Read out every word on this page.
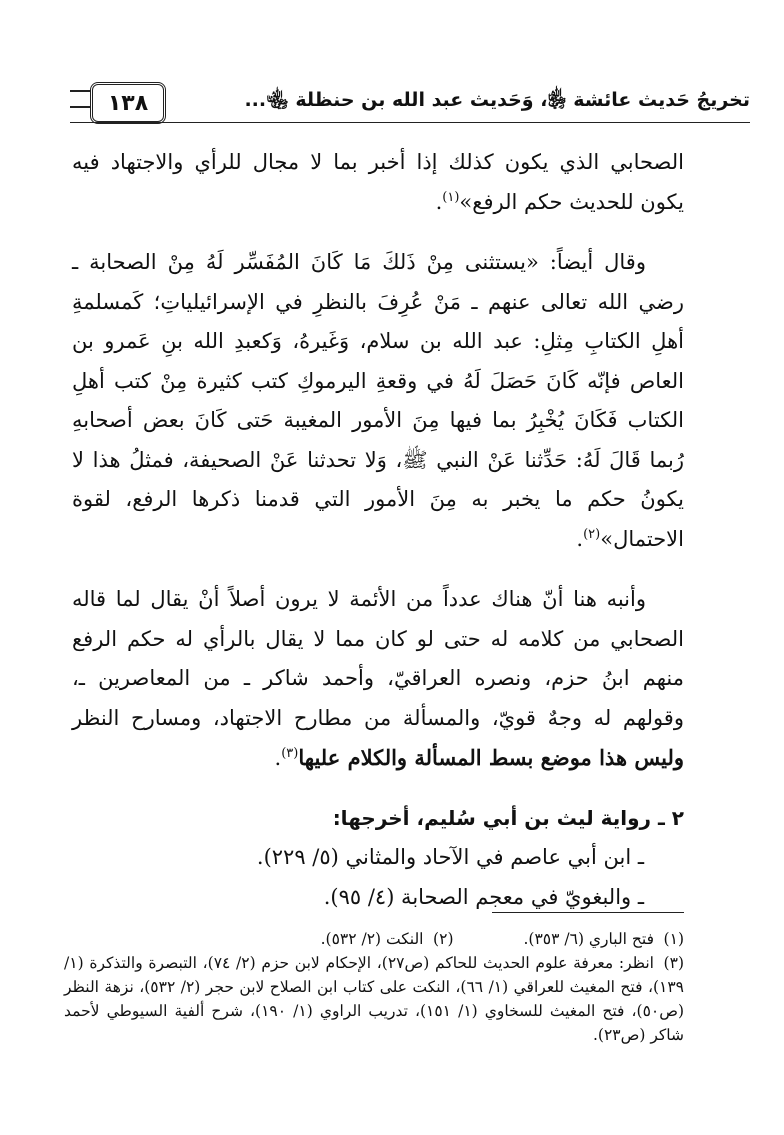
١٣٨	تخريجُ حَديث عائشة ﵂، وَحَديث عبد الله بن حنظلة ﵄...

الصحابي الذي يكون كذلك إذا أخبر بما لا مجال للرأي والاجتهاد فيه يكون للحديث حكم الرفع»$^{(١)}$.

وقال أيضاً: «يستثنى مِنْ ذَلكَ مَا كَانَ المُفَسِّر لَهُ مِنْ الصحابة ـ رضي الله تعالى عنهم ـ مَنْ عُرِفَ بالنظرِ في الإسرائيلياتِ؛ كَمسلمةِ أهلِ الكتابِ مِثلِ: عبد الله بن سلام، وَغَيرهُ، وَكعبدِ الله بنِ عَمرو بن العاص فإنّه كَانَ حَصَلَ لَهُ في وقعةِ اليرموكِ كتب كثيرة مِنْ كتب أهلِ الكتاب فَكَانَ يُخْبِرُ بما فيها مِنَ الأمور المغيبة حَتى كَانَ بعض أصحابهِ رُبما قَالَ لَهُ: حَدِّثنا عَنْ النبي ﷺ، وَلا تحدثنا عَنْ الصحيفة، فمثلُ هذا لا يكونُ حكم ما يخبر به مِنَ الأمور التي قدمنا ذكرها الرفع، لقوة الاحتمال»$^{(٢)}$.

وأنبه هنا أنّ هناك عدداً من الأئمة لا يرون أصلاً أنْ يقال لما قاله الصحابي من كلامه له حتى لو كان مما لا يقال بالرأي له حكم الرفع منهم ابنُ حزم، ونصره العراقيّ، وأحمد شاكر ـ من المعاصرين ـ، وقولهم له وجهٌ قويّ، والمسألة من مطارح الاجتهاد، ومسارح النظر وليس هذا موضع بسط المسألة والكلام عليها$^{(٣)}$.

٢ ـ رواية ليث بن أبي سُليم، أخرجها:

ـ ابن أبي عاصم في الآحاد والمثاني (٥/ ٢٢٩).

ـ والبغويّ في معجم الصحابة (٤/ ٩٥).

(١)فتح الباري (٦/ ٣٥٣).(٢)النكت (٢/ ٥٣٢).

(٣)انظر: معرفة علوم الحديث للحاكم (ص٢٧)، الإحكام لابن حزم (٢/ ٧٤)، التبصرة والتذكرة (١/ ١٣٩)، فتح المغيث للعراقي (١/ ٦٦)، النكت على كتاب ابن الصلاح لابن حجر (٢/ ٥٣٢)، نزهة النظر (ص٥٠)، فتح المغيث للسخاوي (١/ ١٥١)، تدريب الراوي (١/ ١٩٠)، شرح ألفية السيوطي لأحمد شاكر (ص٢٣).
